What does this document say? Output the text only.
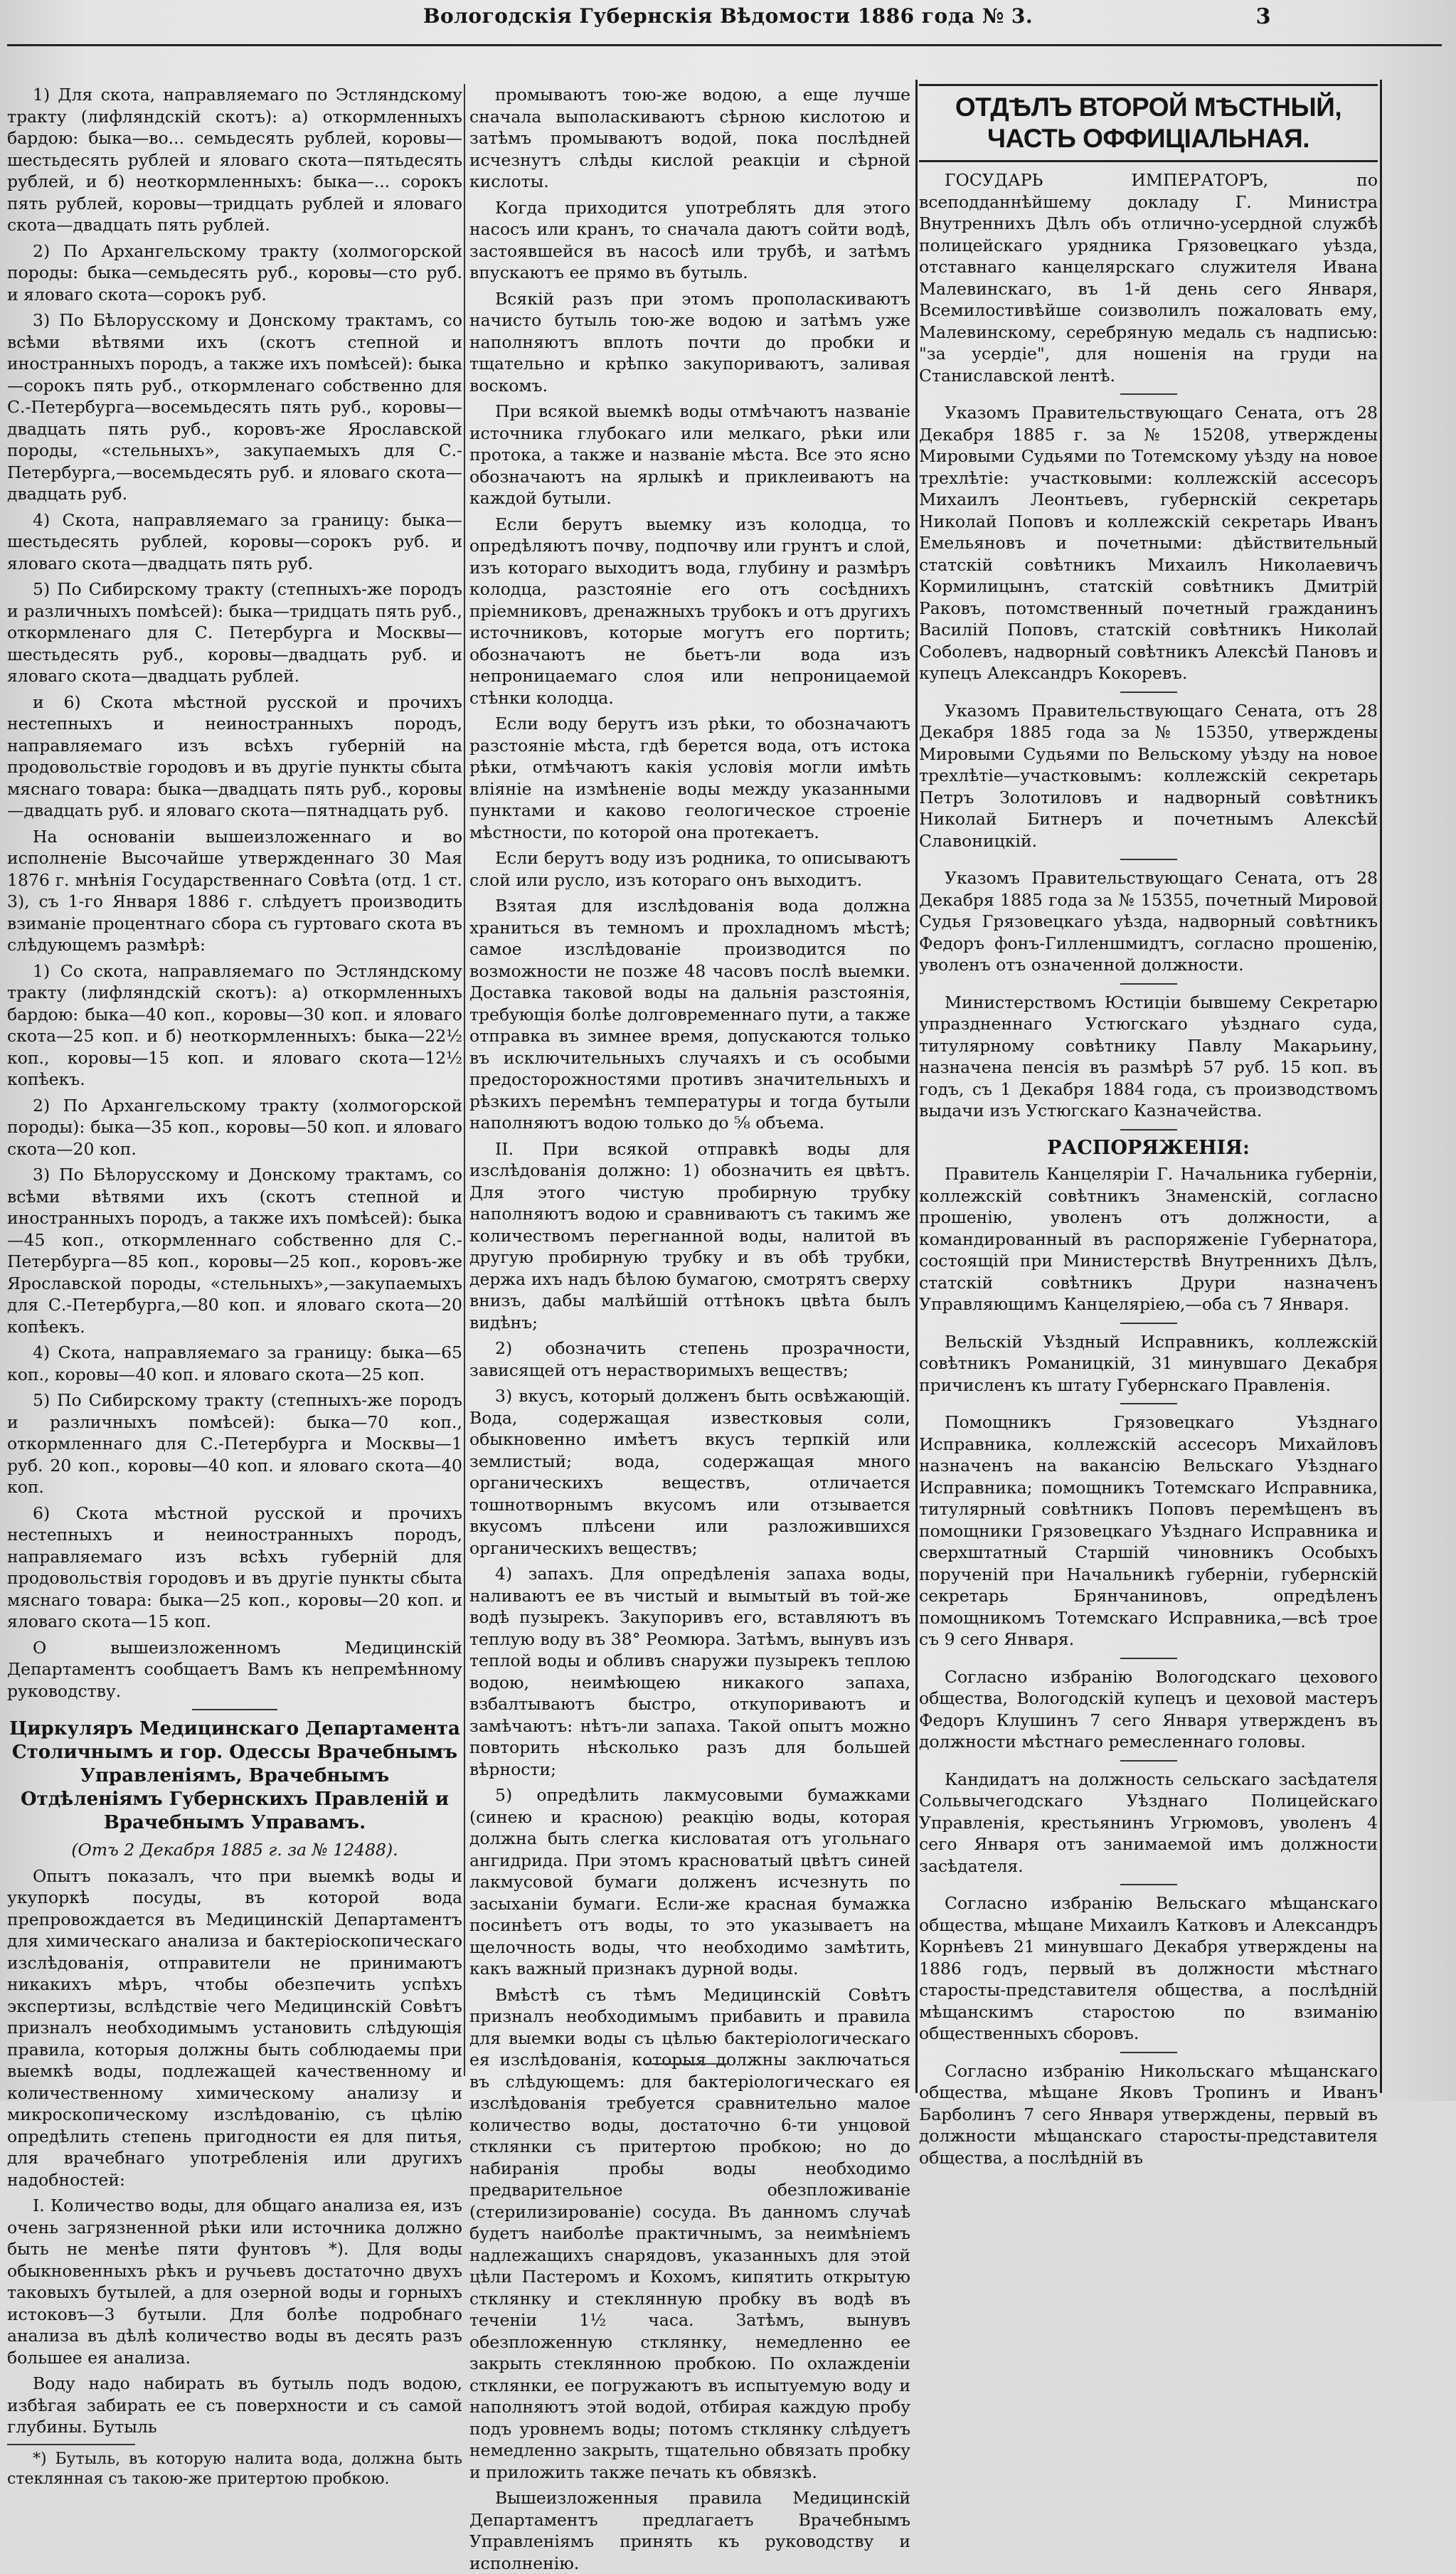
Вологодскія Губернскія Вѣдомости 1886 года № 3.	3

1) Для скота, направляемаго по Эстляндскому тракту (лифляндскій скотъ): а) откормленныхъ бардою: быка—во... семьдесять рублей, коровы—шестьдесять рублей и яловаго скота—пятьдесять рублей, и б) неоткормленныхъ: быка—... сорокъ пять рублей, коровы—тридцать рублей и яловаго скота—двадцать пять рублей.

2) По Архангельскому тракту (холмогорской породы: быка—семьдесять руб., коровы—сто руб. и яловаго скота—сорокъ руб.

3) По Бѣлорусскому и Донскому трактамъ, со всѣми вѣтвями ихъ (скотъ степной и иностранныхъ породъ, а также ихъ помѣсей): быка—сорокъ пять руб., откормленаго собственно для С.-Петербурга—восемьдесять пять руб., коровы—двадцать пять руб., коровъ-же Ярославской породы, «стельныхъ», закупаемыхъ для С.-Петербурга,—восемьдесять руб. и яловаго скота—двадцать руб.

4) Скота, направляемаго за границу: быка—шестьдесять рублей, коровы—сорокъ руб. и яловаго скота—двадцать пять руб.

5) По Сибирскому тракту (степныхъ-же породъ и различныхъ помѣсей): быка—тридцать пять руб., откормленаго для С. Петербурга и Москвы—шестьдесять руб., коровы—двадцать руб. и яловаго скота—двадцать рублей.

и 6) Скота мѣстной русской и прочихъ нестепныхъ и неиностранныхъ породъ, направляемаго изъ всѣхъ губерній на продовольствіе городовъ и въ другіе пункты сбыта мяснаго товара: быка—двадцать пять руб., коровы—двадцать руб. и яловаго скота—пятнадцать руб.

На основаніи вышеизложеннаго и во исполненіе Высочайше утвержденнаго 30 Мая 1876 г. мнѣнія Государственнаго Совѣта (отд. 1 ст. 3), съ 1-го Января 1886 г. слѣдуетъ производить взиманіе процентнаго сбора съ гуртоваго скота въ слѣдующемъ размѣрѣ:

1) Со скота, направляемаго по Эстляндскому тракту (лифляндскій скотъ): а) откормленныхъ бардою: быка—40 коп., коровы—30 коп. и яловаго скота—25 коп. и б) неоткормленныхъ: быка—22½ коп., коровы—15 коп. и яловаго скота—12½ копѣекъ.

2) По Архангельскому тракту (холмогорской породы): быка—35 коп., коровы—50 коп. и яловаго скота—20 коп.

3) По Бѣлорусскому и Донскому трактамъ, со всѣми вѣтвями ихъ (скотъ степной и иностранныхъ породъ, а также ихъ помѣсей): быка—45 коп., откормленнаго собственно для С.-Петербурга—85 коп., коровы—25 коп., коровъ-же Ярославской породы, «стельныхъ»,—закупаемыхъ для С.-Петербурга,—80 коп. и яловаго скота—20 копѣекъ.

4) Скота, направляемаго за границу: быка—65 коп., коровы—40 коп. и яловаго скота—25 коп.

5) По Сибирскому тракту (степныхъ-же породъ и различныхъ помѣсей): быка—70 коп., откормленнаго для С.-Петербурга и Москвы—1 руб. 20 коп., коровы—40 коп. и яловаго скота—40 коп.

6) Скота мѣстной русской и прочихъ нестепныхъ и неиностранныхъ породъ, направляемаго изъ всѣхъ губерній для продовольствія городовъ и въ другіе пункты сбыта мяснаго товара: быка—25 коп., коровы—20 коп. и яловаго скота—15 коп.

О вышеизложенномъ Медицинскій Департаментъ сообщаетъ Вамъ къ непремѣнному руководству.

Циркуляръ Медицинскаго Департамента Столичнымъ и гор. Одессы Врачебнымъ Управленіямъ, Врачебнымъ Отдѣленіямъ Губернскихъ Правленій и Врачебнымъ Управамъ.

(Отъ 2 Декабря 1885 г. за № 12488).

Опытъ показалъ, что при выемкѣ воды и укупоркѣ посуды, въ которой вода препровождается въ Медицинскій Департаментъ для химическаго анализа и бактеріоскопическаго изслѣдованія, отправители не принимаютъ никакихъ мѣръ, чтобы обезпечить успѣхъ экспертизы, вслѣдствіе чего Медицинскій Совѣтъ призналъ необходимымъ установить слѣдующія правила, которыя должны быть соблюдаемы при выемкѣ воды, подлежащей качественному и количественному химическому анализу и микроскопическому изслѣдованію, съ цѣлію опредѣлить степень пригодности ея для питья, для врачебнаго употребленія или другихъ надобностей:

I. Количество воды, для общаго анализа ея, изъ очень загрязненной рѣки или источника должно быть не менѣе пяти фунтовъ *). Для воды обыкновенныхъ рѣкъ и ручьевъ достаточно двухъ таковыхъ бутылей, а для озерной воды и горныхъ истоковъ—3 бутыли. Для болѣе подробнаго анализа въ дѣлѣ количество воды въ десять разъ большее ея анализа.

Воду надо набирать въ бутыль подъ водою, избѣгая забирать ее съ поверхности и съ самой глубины. Бутыль

*) Бутыль, въ которую налита вода, должна быть стеклянная съ такою-же притертою пробкою.

промываютъ тою-же водою, а еще лучше сначала выполаскиваютъ сѣрною кислотою и затѣмъ промываютъ водой, пока послѣдней исчезнутъ слѣды кислой реакціи и сѣрной кислоты.

Когда приходится употреблять для этого насосъ или кранъ, то сначала даютъ сойти водѣ, застоявшейся въ насосѣ или трубѣ, и затѣмъ впускаютъ ее прямо въ бутыль.

Всякій разъ при этомъ прополаскиваютъ начисто бутыль тою-же водою и затѣмъ уже наполняютъ вплоть почти до пробки и тщательно и крѣпко закупориваютъ, заливая воскомъ.

При всякой выемкѣ воды отмѣчаютъ названіе источника глубокаго или мелкаго, рѣки или протока, а также и названіе мѣста. Все это ясно обозначаютъ на ярлыкѣ и приклеиваютъ на каждой бутыли.

Если берутъ выемку изъ колодца, то опредѣляютъ почву, подпочву или грунтъ и слой, изъ котораго выходитъ вода, глубину и размѣръ колодца, разстояніе его отъ сосѣднихъ пріемниковъ, дренажныхъ трубокъ и отъ другихъ источниковъ, которые могутъ его портить; обозначаютъ не бьетъ-ли вода изъ непроницаемаго слоя или непроницаемой стѣнки колодца.

Если воду берутъ изъ рѣки, то обозначаютъ разстояніе мѣста, гдѣ берется вода, отъ истока рѣки, отмѣчаютъ какія условія могли имѣть вліяніе на измѣненіе воды между указанными пунктами и каково геологическое строеніе мѣстности, по которой она протекаетъ.

Если берутъ воду изъ родника, то описываютъ слой или русло, изъ котораго онъ выходитъ.

Взятая для изслѣдованія вода должна храниться въ темномъ и прохладномъ мѣстѣ; самое изслѣдованіе производится по возможности не позже 48 часовъ послѣ выемки. Доставка таковой воды на дальнія разстоянія, требующія болѣе долговременнаго пути, а также отправка въ зимнее время, допускаются только въ исключительныхъ случаяхъ и съ особыми предосторожностями противъ значительныхъ и рѣзкихъ перемѣнъ температуры и тогда бутыли наполняютъ водою только до ⅝ объема.

II. При всякой отправкѣ воды для изслѣдованія должно: 1) обозначить ея цвѣтъ. Для этого чистую пробирную трубку наполняютъ водою и сравниваютъ съ такимъ же количествомъ перегнанной воды, налитой въ другую пробирную трубку и въ обѣ трубки, держа ихъ надъ бѣлою бумагою, смотрятъ сверху внизъ, дабы малѣйшій оттѣнокъ цвѣта былъ видѣнъ;

2) обозначить степень прозрачности, зависящей отъ нерастворимыхъ веществъ;

3) вкусъ, который долженъ быть освѣжающій. Вода, содержащая известковыя соли, обыкновенно имѣетъ вкусъ терпкій или землистый; вода, содержащая много органическихъ веществъ, отличается тошнотворнымъ вкусомъ или отзывается вкусомъ плѣсени или разложившихся органическихъ веществъ;

4) запахъ. Для опредѣленія запаха воды, наливаютъ ее въ чистый и вымытый въ той-же водѣ пузырекъ. Закупоривъ его, вставляютъ въ теплую воду въ 38° Реомюра. Затѣмъ, вынувъ изъ теплой воды и обливъ снаружи пузырекъ теплою водою, неимѣющею никакого запаха, взбалтываютъ быстро, откупориваютъ и замѣчаютъ: нѣтъ-ли запаха. Такой опытъ можно повторить нѣсколько разъ для большей вѣрности;

5) опредѣлить лакмусовыми бумажками (синею и красною) реакцію воды, которая должна быть слегка кисловатая отъ угольнаго ангидрида. При этомъ красноватый цвѣтъ синей лакмусовой бумаги долженъ исчезнуть по засыханіи бумаги. Если-же красная бумажка посинѣетъ отъ воды, то это указываетъ на щелочность воды, что необходимо замѣтить, какъ важный признакъ дурной воды.

Вмѣстѣ съ тѣмъ Медицинскій Совѣтъ призналъ необходимымъ прибавить и правила для выемки воды съ цѣлью бактеріологическаго ея изслѣдованія, которыя должны заключаться въ слѣдующемъ: для бактеріологическаго ея изслѣдованія требуется сравнительно малое количество воды, достаточно 6-ти унцовой стклянки съ притертою пробкою; но до набиранія пробы воды необходимо предварительное обезпложиваніе (стерилизированіе) сосуда. Въ данномъ случаѣ будетъ наиболѣе практичнымъ, за неимѣніемъ надлежащихъ снарядовъ, указанныхъ для этой цѣли Пастеромъ и Кохомъ, кипятить открытую стклянку и стеклянную пробку въ водѣ въ теченіи 1½ часа. Затѣмъ, вынувъ обезпложенную стклянку, немедленно ее закрыть стеклянною пробкою. По охлажденіи стклянки, ее погружаютъ въ испытуемую воду и наполняютъ этой водой, отбирая каждую пробу подъ уровнемъ воды; потомъ стклянку слѣдуетъ немедленно закрыть, тщательно обвязать пробку и приложить также печать къ обвязкѣ.

Вышеизложенныя правила Медицинскій Департаментъ предлагаетъ Врачебнымъ Управленіямъ принять къ руководству и исполненію.

ОТДѢЛЪ ВТОРОЙ МѢСТНЫЙ, ЧАСТЬ ОФФИЦІАЛЬНАЯ.

ГОСУДАРЬ ИМПЕРАТОРЪ, по всеподданнѣйшему докладу Г. Министра Внутреннихъ Дѣлъ объ отлично-усердной службѣ полицейскаго урядника Грязовецкаго уѣзда, отставнаго канцелярскаго служителя Ивана Малевинскаго, въ 1-й день сего Января, Всемилостивѣйше соизволилъ пожаловать ему, Малевинскому, серебряную медаль съ надписью: "за усердіе", для ношенія на груди на Станиславской лентѣ.

Указомъ Правительствующаго Сената, отъ 28 Декабря 1885 г. за № 15208, утверждены Мировыми Судьями по Тотемскому уѣзду на новое трехлѣтіе: участковыми: коллежскій ассесоръ Михаилъ Леонтьевъ, губернскій секретарь Николай Поповъ и коллежскій секретарь Иванъ Емельяновъ и почетными: дѣйствительный статскій совѣтникъ Михаилъ Николаевичъ Кормилицынъ, статскій совѣтникъ Дмитрій Раковъ, потомственный почетный гражданинъ Василій Поповъ, статскій совѣтникъ Николай Соболевъ, надворный совѣтникъ Алексѣй Пановъ и купецъ Александръ Кокоревъ.

Указомъ Правительствующаго Сената, отъ 28 Декабря 1885 года за № 15350, утверждены Мировыми Судьями по Вельскому уѣзду на новое трехлѣтіе—участковымъ: коллежскій секретарь Петръ Золотиловъ и надворный совѣтникъ Николай Битнеръ и почетнымъ Алексѣй Славоницкій.

Указомъ Правительствующаго Сената, отъ 28 Декабря 1885 года за № 15355, почетный Мировой Судья Грязовецкаго уѣзда, надворный совѣтникъ Федоръ фонъ-Гилленшмидтъ, согласно прошенію, уволенъ отъ означенной должности.

Министерствомъ Юстиціи бывшему Секретарю упраздненнаго Устюгскаго уѣзднаго суда, титулярному совѣтнику Павлу Макарьину, назначена пенсія въ размѣрѣ 57 руб. 15 коп. въ годъ, съ 1 Декабря 1884 года, съ производствомъ выдачи изъ Устюгскаго Казначейства.

РАСПОРЯЖЕНІЯ:

Правитель Канцеляріи Г. Начальника губерніи, коллежскій совѣтникъ Знаменскій, согласно прошенію, уволенъ отъ должности, а командированный въ распоряженіе Губернатора, состоящій при Министерствѣ Внутреннихъ Дѣлъ, статскій совѣтникъ Друри назначенъ Управляющимъ Канцеляріею,—оба съ 7 Января.

Вельскій Уѣздный Исправникъ, коллежскій совѣтникъ Романицкій, 31 минувшаго Декабря причисленъ къ штату Губернскаго Правленія.

Помощникъ Грязовецкаго Уѣзднаго Исправника, коллежскій ассесоръ Михайловъ назначенъ на вакансію Вельскаго Уѣзднаго Исправника; помощникъ Тотемскаго Исправника, титулярный совѣтникъ Поповъ перемѣщенъ въ помощники Грязовецкаго Уѣзднаго Исправника и сверхштатный Старшій чиновникъ Особыхъ порученій при Начальникѣ губерніи, губернскій секретарь Брянчаниновъ, опредѣленъ помощникомъ Тотемскаго Исправника,—всѣ трое съ 9 сего Января.

Согласно избранію Вологодскаго цехового общества, Вологодскій купецъ и цеховой мастеръ Федоръ Клушинъ 7 сего Января утвержденъ въ должности мѣстнаго ремесленнаго головы.

Кандидатъ на должность сельскаго засѣдателя Сольвычегодскаго Уѣзднаго Полицейскаго Управленія, крестьянинъ Угрюмовъ, уволенъ 4 сего Января отъ занимаемой имъ должности засѣдателя.

Согласно избранію Вельскаго мѣщанскаго общества, мѣщане Михаилъ Катковъ и Александръ Корнѣевъ 21 минувшаго Декабря утверждены на 1886 годъ, первый въ должности мѣстнаго старосты-представителя общества, а послѣдній мѣщанскимъ старостою по взиманію общественныхъ сборовъ.

Согласно избранію Никольскаго мѣщанскаго общества, мѣщане Яковъ Тропинъ и Иванъ Барболинъ 7 сего Января утверждены, первый въ должности мѣщанскаго старосты-представителя общества, а послѣдній въ
